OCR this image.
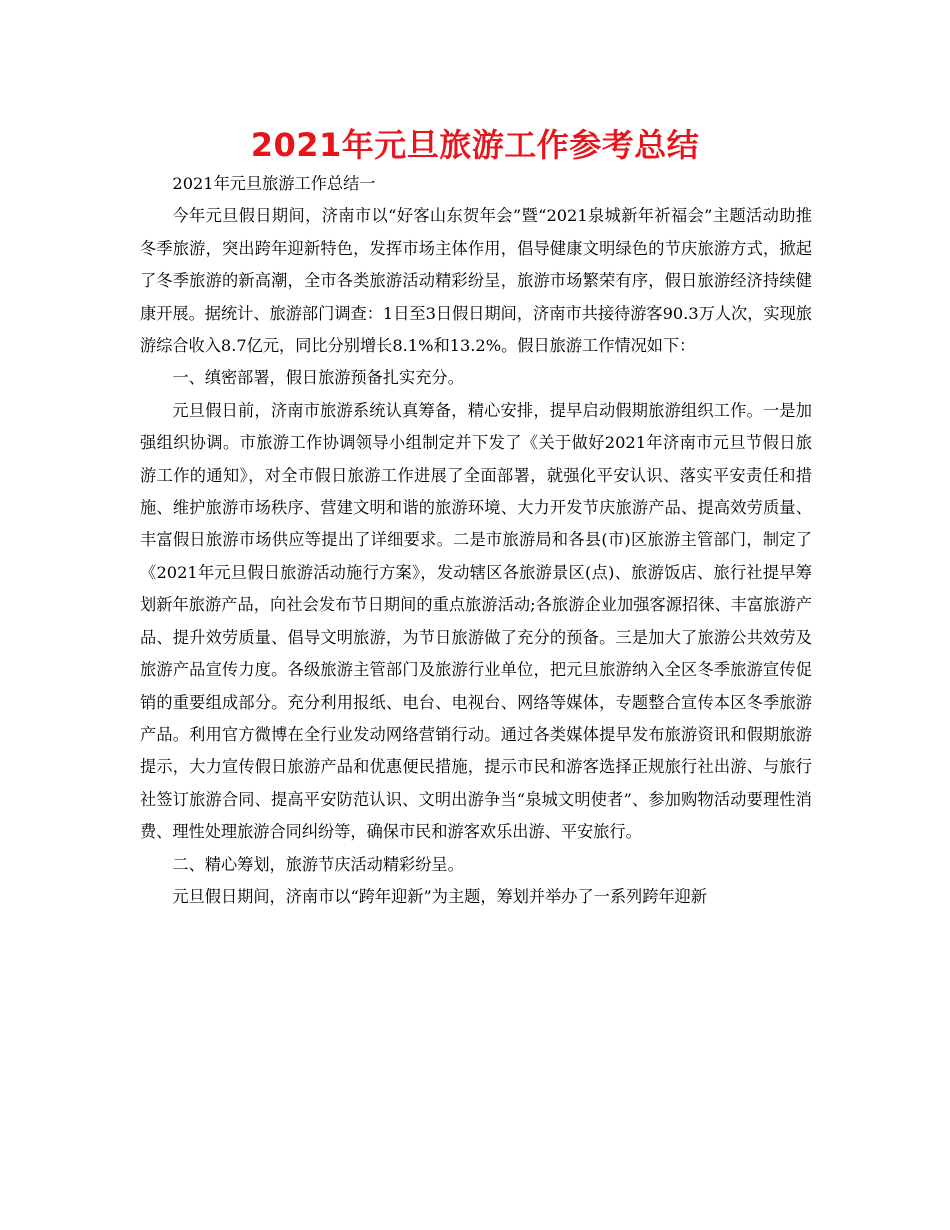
2021年元旦旅游工作参考总结

2021年元旦旅游工作总结一

今年元旦假日期间，济南市以“好客山东贺年会”暨“2021泉城新年祈福会”主题活动助推冬季旅游，突出跨年迎新特色，发挥市场主体作用，倡导健康文明绿色的节庆旅游方式，掀起了冬季旅游的新高潮，全市各类旅游活动精彩纷呈，旅游市场繁荣有序，假日旅游经济持续健康开展。据统计、旅游部门调查：1日至3日假日期间，济南市共接待游客90.3万人次，实现旅游综合收入8.7亿元，同比分别增长8.1%和13.2%。假日旅游工作情况如下：

一、缜密部署，假日旅游预备扎实充分。

元旦假日前，济南市旅游系统认真筹备，精心安排，提早启动假期旅游组织工作。一是加强组织协调。市旅游工作协调领导小组制定并下发了《关于做好2021年济南市元旦节假日旅游工作的通知》，对全市假日旅游工作进展了全面部署，就强化平安认识、落实平安责任和措施、维护旅游市场秩序、营建文明和谐的旅游环境、大力开发节庆旅游产品、提高效劳质量、丰富假日旅游市场供应等提出了详细要求。二是市旅游局和各县(市)区旅游主管部门，制定了《2021年元旦假日旅游活动施行方案》，发动辖区各旅游景区(点)、旅游饭店、旅行社提早筹划新年旅游产品，向社会发布节日期间的重点旅游活动;各旅游企业加强客源招徕、丰富旅游产品、提升效劳质量、倡导文明旅游，为节日旅游做了充分的预备。三是加大了旅游公共效劳及旅游产品宣传力度。各级旅游主管部门及旅游行业单位，把元旦旅游纳入全区冬季旅游宣传促销的重要组成部分。充分利用报纸、电台、电视台、网络等媒体，专题整合宣传本区冬季旅游产品。利用官方微博在全行业发动网络营销行动。通过各类媒体提早发布旅游资讯和假期旅游提示，大力宣传假日旅游产品和优惠便民措施，提示市民和游客选择正规旅行社出游、与旅行社签订旅游合同、提高平安防范认识、文明出游争当“泉城文明使者”、参加购物活动要理性消费、理性处理旅游合同纠纷等，确保市民和游客欢乐出游、平安旅行。

二、精心筹划，旅游节庆活动精彩纷呈。

元旦假日期间，济南市以“跨年迎新”为主题，筹划并举办了一系列跨年迎新
